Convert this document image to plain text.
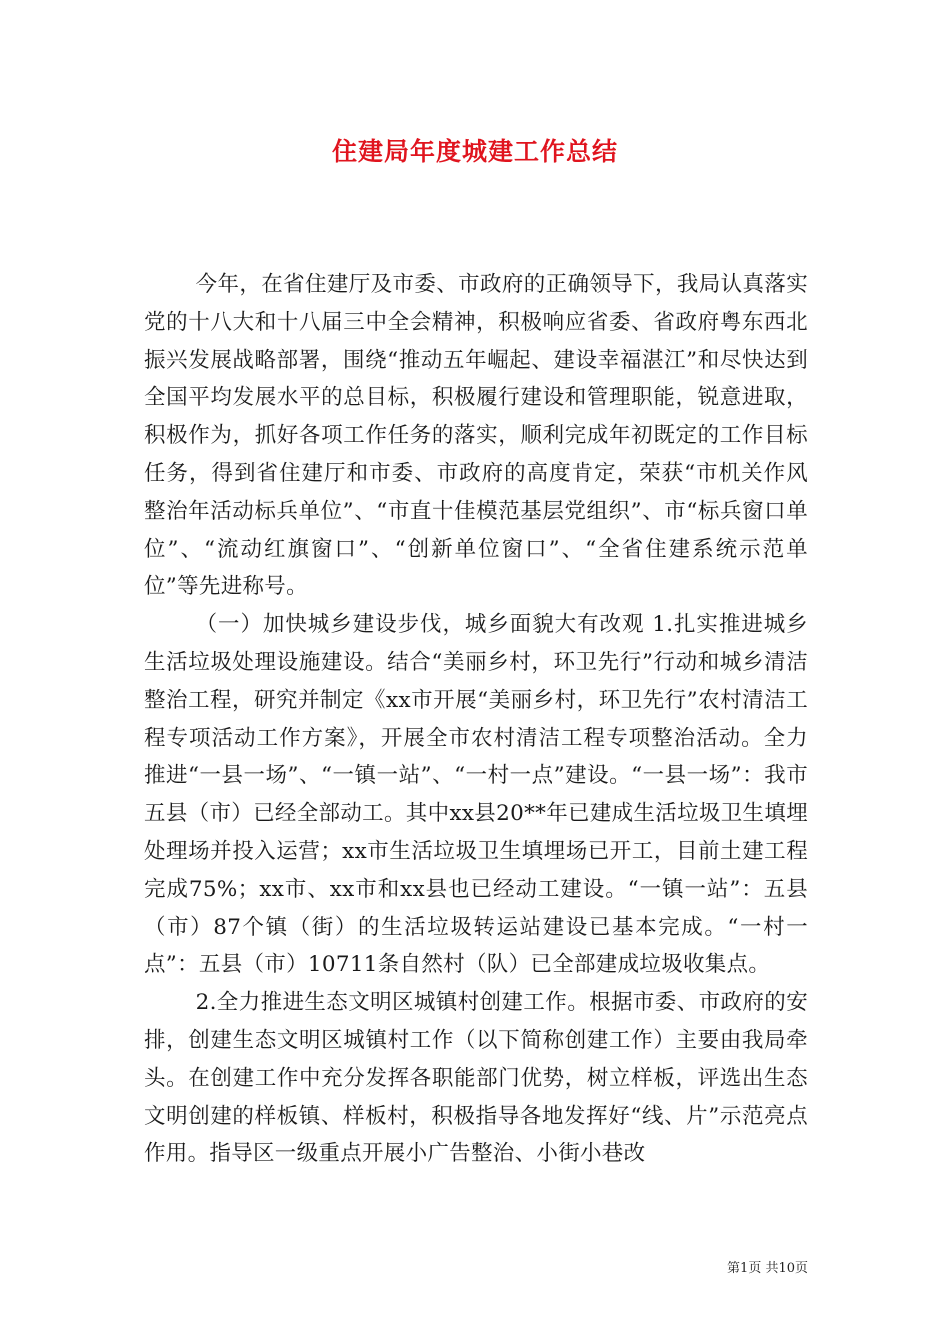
住建局年度城建工作总结

今年，在省住建厅及市委、市政府的正确领导下，我局认真落实党的十八大和十八届三中全会精神，积极响应省委、省政府粤东西北振兴发展战略部署，围绕“推动五年崛起、建设幸福湛江”和尽快达到全国平均发展水平的总目标，积极履行建设和管理职能，锐意进取，积极作为，抓好各项工作任务的落实，顺利完成年初既定的工作目标任务，得到省住建厅和市委、市政府的高度肯定，荣获“市机关作风整治年活动标兵单位”、“市直十佳模范基层党组织”、市“标兵窗口单位”、“流动红旗窗口”、“创新单位窗口”、“全省住建系统示范单位”等先进称号。

（一）加快城乡建设步伐，城乡面貌大有改观 1.扎实推进城乡生活垃圾处理设施建设。结合“美丽乡村，环卫先行”行动和城乡清洁整治工程，研究并制定《xx市开展“美丽乡村，环卫先行”农村清洁工程专项活动工作方案》，开展全市农村清洁工程专项整治活动。全力推进“一县一场”、“一镇一站”、“一村一点”建设。“一县一场”：我市五县（市）已经全部动工。其中xx县20**年已建成生活垃圾卫生填埋处理场并投入运营；xx市生活垃圾卫生填埋场已开工，目前土建工程完成75%；xx市、xx市和xx县也已经动工建设。“一镇一站”：五县（市）87个镇（街）的生活垃圾转运站建设已基本完成。“一村一点”：五县（市）10711条自然村（队）已全部建成垃圾收集点。

2.全力推进生态文明区城镇村创建工作。根据市委、市政府的安排，创建生态文明区城镇村工作（以下简称创建工作）主要由我局牵头。在创建工作中充分发挥各职能部门优势，树立样板，评选出生态文明创建的样板镇、样板村，积极指导各地发挥好“线、片”示范亮点作用。指导区一级重点开展小广告整治、小街小巷改

第1页 共10页
